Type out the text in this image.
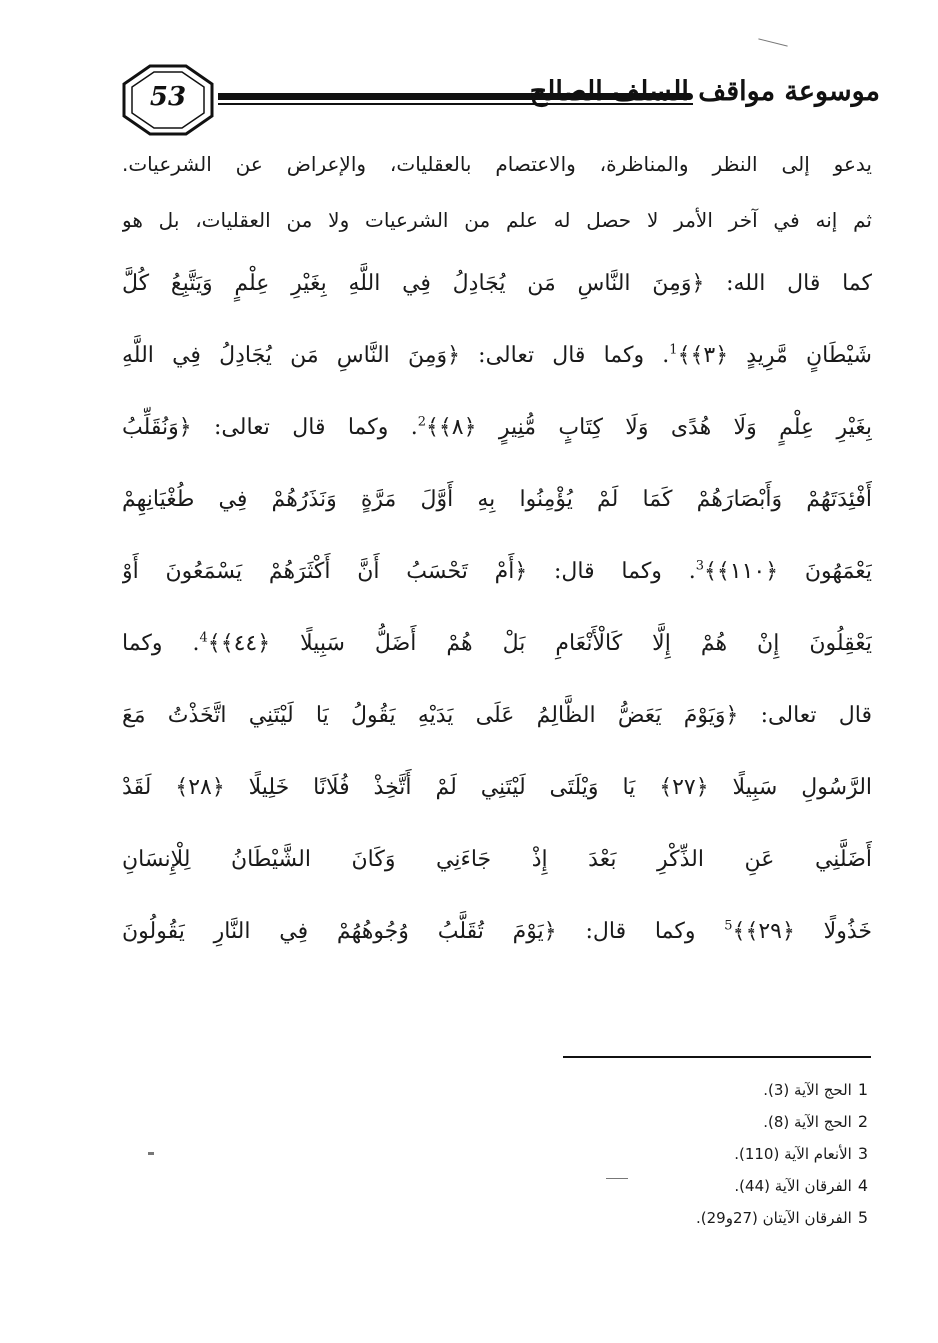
53	موسوعة مواقف السلف الصالح
يدعو إلى النظر والمناظرة، والاعتصام بالعقليات، والإعراض عن الشرعيات.
ثم إنه في آخر الأمر لا حصل له علم من الشرعيات ولا من العقليات، بل هو
كما قال الله: ﴿وَمِنَ النَّاسِ مَن يُجَادِلُ فِي اللَّهِ بِغَيْرِ عِلْمٍ وَيَتَّبِعُ كُلَّ
شَيْطَانٍ مَّرِيدٍ ﴿٣﴾﴾$^1$. وكما قال تعالى: ﴿وَمِنَ النَّاسِ مَن يُجَادِلُ فِي اللَّهِ
بِغَيْرِ عِلْمٍ وَلَا هُدًى وَلَا كِتَابٍ مُّنِيرٍ ﴿٨﴾﴾$^2$. وكما قال تعالى: ﴿وَنُقَلِّبُ
أَفْئِدَتَهُمْ وَأَبْصَارَهُمْ كَمَا لَمْ يُؤْمِنُوا بِهِ أَوَّلَ مَرَّةٍ وَنَذَرُهُمْ فِي طُغْيَانِهِمْ
يَعْمَهُونَ ﴿١١٠﴾﴾$^3$. وكما قال: ﴿أَمْ تَحْسَبُ أَنَّ أَكْثَرَهُمْ يَسْمَعُونَ أَوْ
يَعْقِلُونَ إِنْ هُمْ إِلَّا كَالْأَنْعَامِ بَلْ هُمْ أَضَلُّ سَبِيلًا ﴿٤٤﴾﴾$^4$. وكما
قال تعالى: ﴿وَيَوْمَ يَعَضُّ الظَّالِمُ عَلَى يَدَيْهِ يَقُولُ يَا لَيْتَنِي اتَّخَذْتُ مَعَ
الرَّسُولِ سَبِيلًا ﴿٢٧﴾ يَا وَيْلَتَى لَيْتَنِي لَمْ أَتَّخِذْ فُلَانًا خَلِيلًا ﴿٢٨﴾ لَقَدْ
أَضَلَّنِي عَنِ الذِّكْرِ بَعْدَ إِذْ جَاءَنِي وَكَانَ الشَّيْطَانُ لِلْإِنسَانِ
خَذُولًا ﴿٢٩﴾﴾$^5$ وكما قال: ﴿يَوْمَ تُقَلَّبُ وُجُوهُهُمْ فِي النَّارِ يَقُولُونَ
1الحج الآية (3).
2الحج الآية (8).
3الأنعام الآية (110).
4الفرقان الآية (44).
5الفرقان الآيتان (27و29).
